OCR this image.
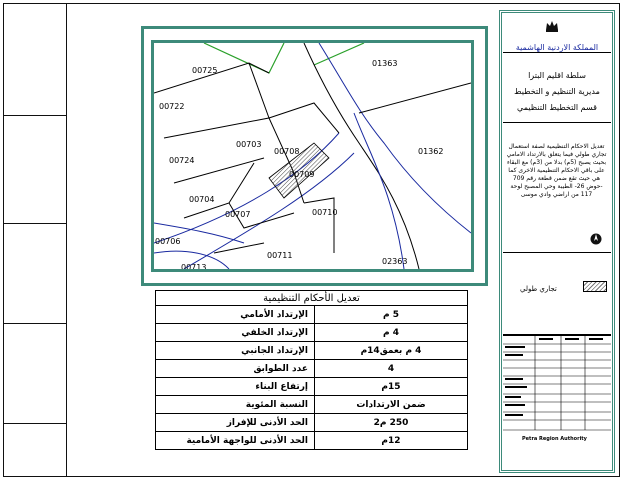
00725
01363
00722
00703
00708	01362
00724
00709
00704
00707	00710
00706
00711
02363
00713
تعديل الأحكام التنظيمية	
الإرتداد الأمامي	5 م
الإرتداد الخلفي	4 م
الإرتداد الجانبي	4 م بعمق14م
عدد الطوابق	4
إرتفاع البناء	15م
النسبة المئوية	ضمن الارتدادات
الحد الأدنى للإفراز	250 م2
الحد الأدنى للواجهة الأمامية	12م
المملكة الاردنية الهاشمية
سلطة اقليم البترا
مديرية التنظيم و التخطيط
قسم التخطيط التنظيمي
تعديل الاحكام التنظيمية لصفة استعمال تجاري طولي فيما يتعلق بالارتداد الامامي بحيث يصبح (5م) بدلا من (3م) مع البقاء على باقي الاحكام التنظيمية الاخرى كما هي حيث تقع ضمن قطعة رقم 709 -حوض 26- الطيبة وحي المصبح لوحة 117 من اراضي وادي موسى
تجاري طولي
Petra Region Authority
